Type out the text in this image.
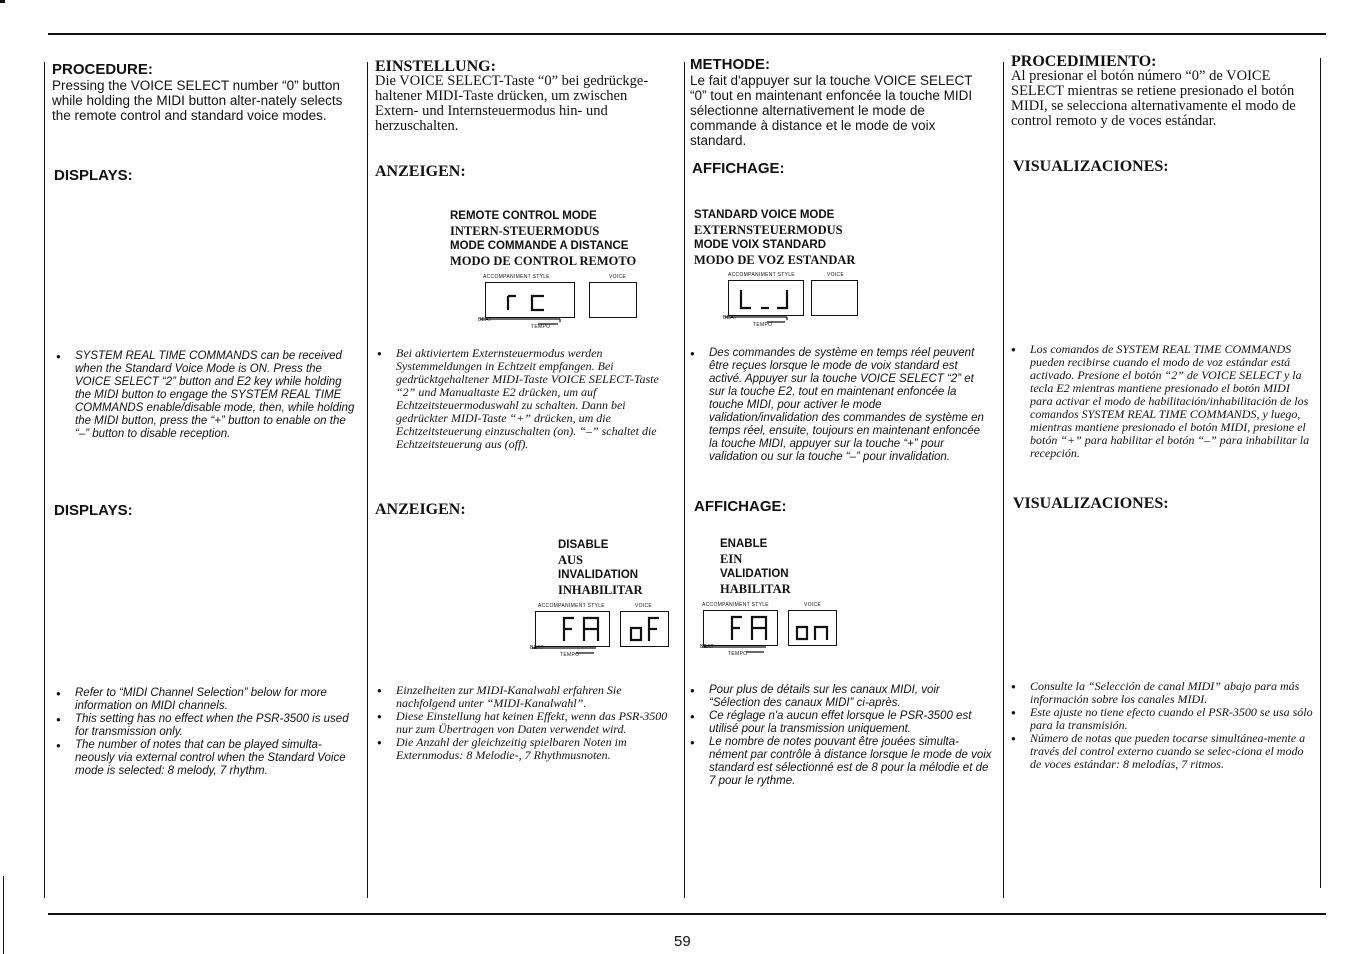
PROCEDURE:
Pressing the VOICE SELECT number “0” button while holding the MIDI button alter-nately selects the remote control and standard voice modes.
DISPLAYS:
● SYSTEM REAL TIME COMMANDS can be received when the Standard Voice Mode is ON. Press the VOICE SELECT “2” button and E2 key while holding the MIDI button to engage the SYSTEM REAL TIME COMMANDS enable/disable mode, then, while holding the MIDI button, press the “+” button to enable on the “–” button to disable reception.
DISPLAYS:
● Refer to “MIDI Channel Selection” below for more information on MIDI channels.
● This setting has no effect when the PSR-3500 is used for transmission only.
● The number of notes that can be played simulta-neously via external control when the Standard Voice mode is selected: 8 melody, 7 rhythm.
EINSTELLUNG:
Die VOICE SELECT-Taste “0” bei gedrückge-haltener MIDI-Taste drücken, um zwischen Extern- und Internsteuermodus hin- und herzuschalten.
ANZEIGEN:
● Bei aktiviertem Externsteuermodus werden Systemmeldungen in Echtzeit empfangen. Bei gedrücktgehaltener MIDI-Taste VOICE SELECT-Taste “2” und Manualtaste E2 drücken, um auf Echtzeitsteuermoduswahl zu schalten. Dann bei gedrückter MIDI-Taste “+” drücken, um die Echtzeitsteuerung einzuschalten (on). “–” schaltet die Echtzeitsteuerung aus (off).
ANZEIGEN:
● Einzelheiten zur MIDI-Kanalwahl erfahren Sie nachfolgend unter “MIDI-Kanalwahl”.
● Diese Einstellung hat keinen Effekt, wenn das PSR-3500 nur zum Übertragen von Daten verwendet wird.
● Die Anzahl der gleichzeitig spielbaren Noten im Externmodus: 8 Melodie-, 7 Rhythmusnoten.
METHODE:
Le fait d'appuyer sur la touche VOICE SELECT “0” tout en maintenant enfoncée la touche MIDI sélectionne alternativement le mode de commande à distance et le mode de voix standard.
AFFICHAGE:
● Des commandes de système en temps réel peuvent être reçues lorsque le mode de voix standard est activé. Appuyer sur la touche VOICE SELECT “2” et sur la touche E2, tout en maintenant enfoncée la touche MIDI, pour activer le mode validation/invalidation des commandes de système en temps réel, ensuite, toujours en maintenant enfoncée la touche MIDI, appuyer sur la touche “+” pour validation ou sur la touche “–” pour invalidation.
AFFICHAGE:
● Pour plus de détails sur les canaux MIDI, voir “Sélection des canaux MIDI” ci-après.
● Ce réglage n'a aucun effet lorsque le PSR-3500 est utilisé pour la transmission uniquement.
● Le nombre de notes pouvant être jouées simulta-nément par contrôle à distance lorsque le mode de voix standard est sélectionné est de 8 pour la mélodie et de 7 pour le rythme.
PROCEDIMIENTO:
Al presionar el botón número “0” de VOICE SELECT mientras se retiene presionado el botón MIDI, se selecciona alternativamente el modo de control remoto y de voces estándar.
VISUALIZACIONES:
● Los comandos de SYSTEM REAL TIME COMMANDS pueden recibirse cuando el modo de voz estándar está activado. Presione el botón “2” de VOICE SELECT y la tecla E2 mientras mantiene presionado el botón MIDI para activar el modo de habilitación/inhabilitación de los comandos SYSTEM REAL TIME COMMANDS, y luego, mientras mantiene presionado el botón MIDI, presione el botón “+” para habilitar el botón “–” para inhabilitar la recepción.
VISUALIZACIONES:
● Consulte la “Selección de canal MIDI” abajo para más información sobre los canales MIDI.
● Este ajuste no tiene efecto cuando el PSR-3500 se usa sólo para la transmisión.
● Número de notas que pueden tocarse simultánea-mente a través del control externo cuando se selec-ciona el modo de voces estándar: 8 melodías, 7 ritmos.
REMOTE CONTROL MODE
INTERN-STEUERMODUS
MODE COMMANDE A DISTANCE
MODO DE CONTROL REMOTO
STANDARD VOICE MODE
EXTERNSTEUERMODUS
MODE VOIX STANDARD
MODO DE VOZ ESTANDAR
DISABLE
AUS
INVALIDATION
INHABILITAR
ENABLE
EIN
VALIDATION
HABILITAR
ACCOMPANIMENT STYLE	VOICE
BEAT
TEMPO
ACCOMPANIMENT STYLE	VOICE
BEAT
TEMPO
ACCOMPANIMENT STYLE	VOICE
BEAT
TEMPO
ACCOMPANIMENT STYLE	VOICE
BEAT
TEMPO
59
